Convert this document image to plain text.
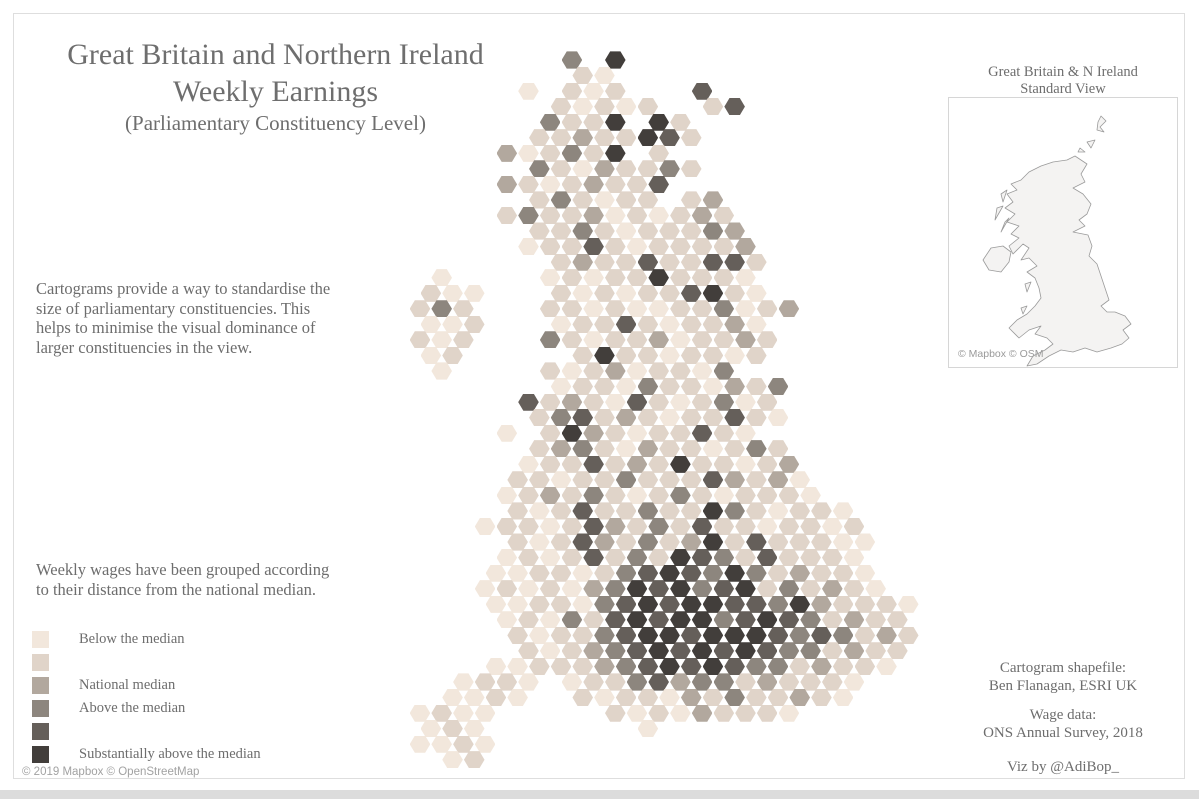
Great Britain and Northern Ireland
Weekly Earnings
(Parliamentary Constituency Level)
Cartograms provide a way to standardise the size of parliamentary constituencies. This helps to minimise the visual dominance of larger constituencies in the view.
Weekly wages have been grouped according to their distance from the national median.
Below the median
National median
Above the median
Substantially above the median
Great Britain & N Ireland
Standard View
© Mapbox © OSM
Cartogram shapefile:
Ben Flanagan, ESRI UK
Wage data:
ONS Annual Survey, 2018
Viz by @AdiBop_
© 2019 Mapbox © OpenStreetMap
